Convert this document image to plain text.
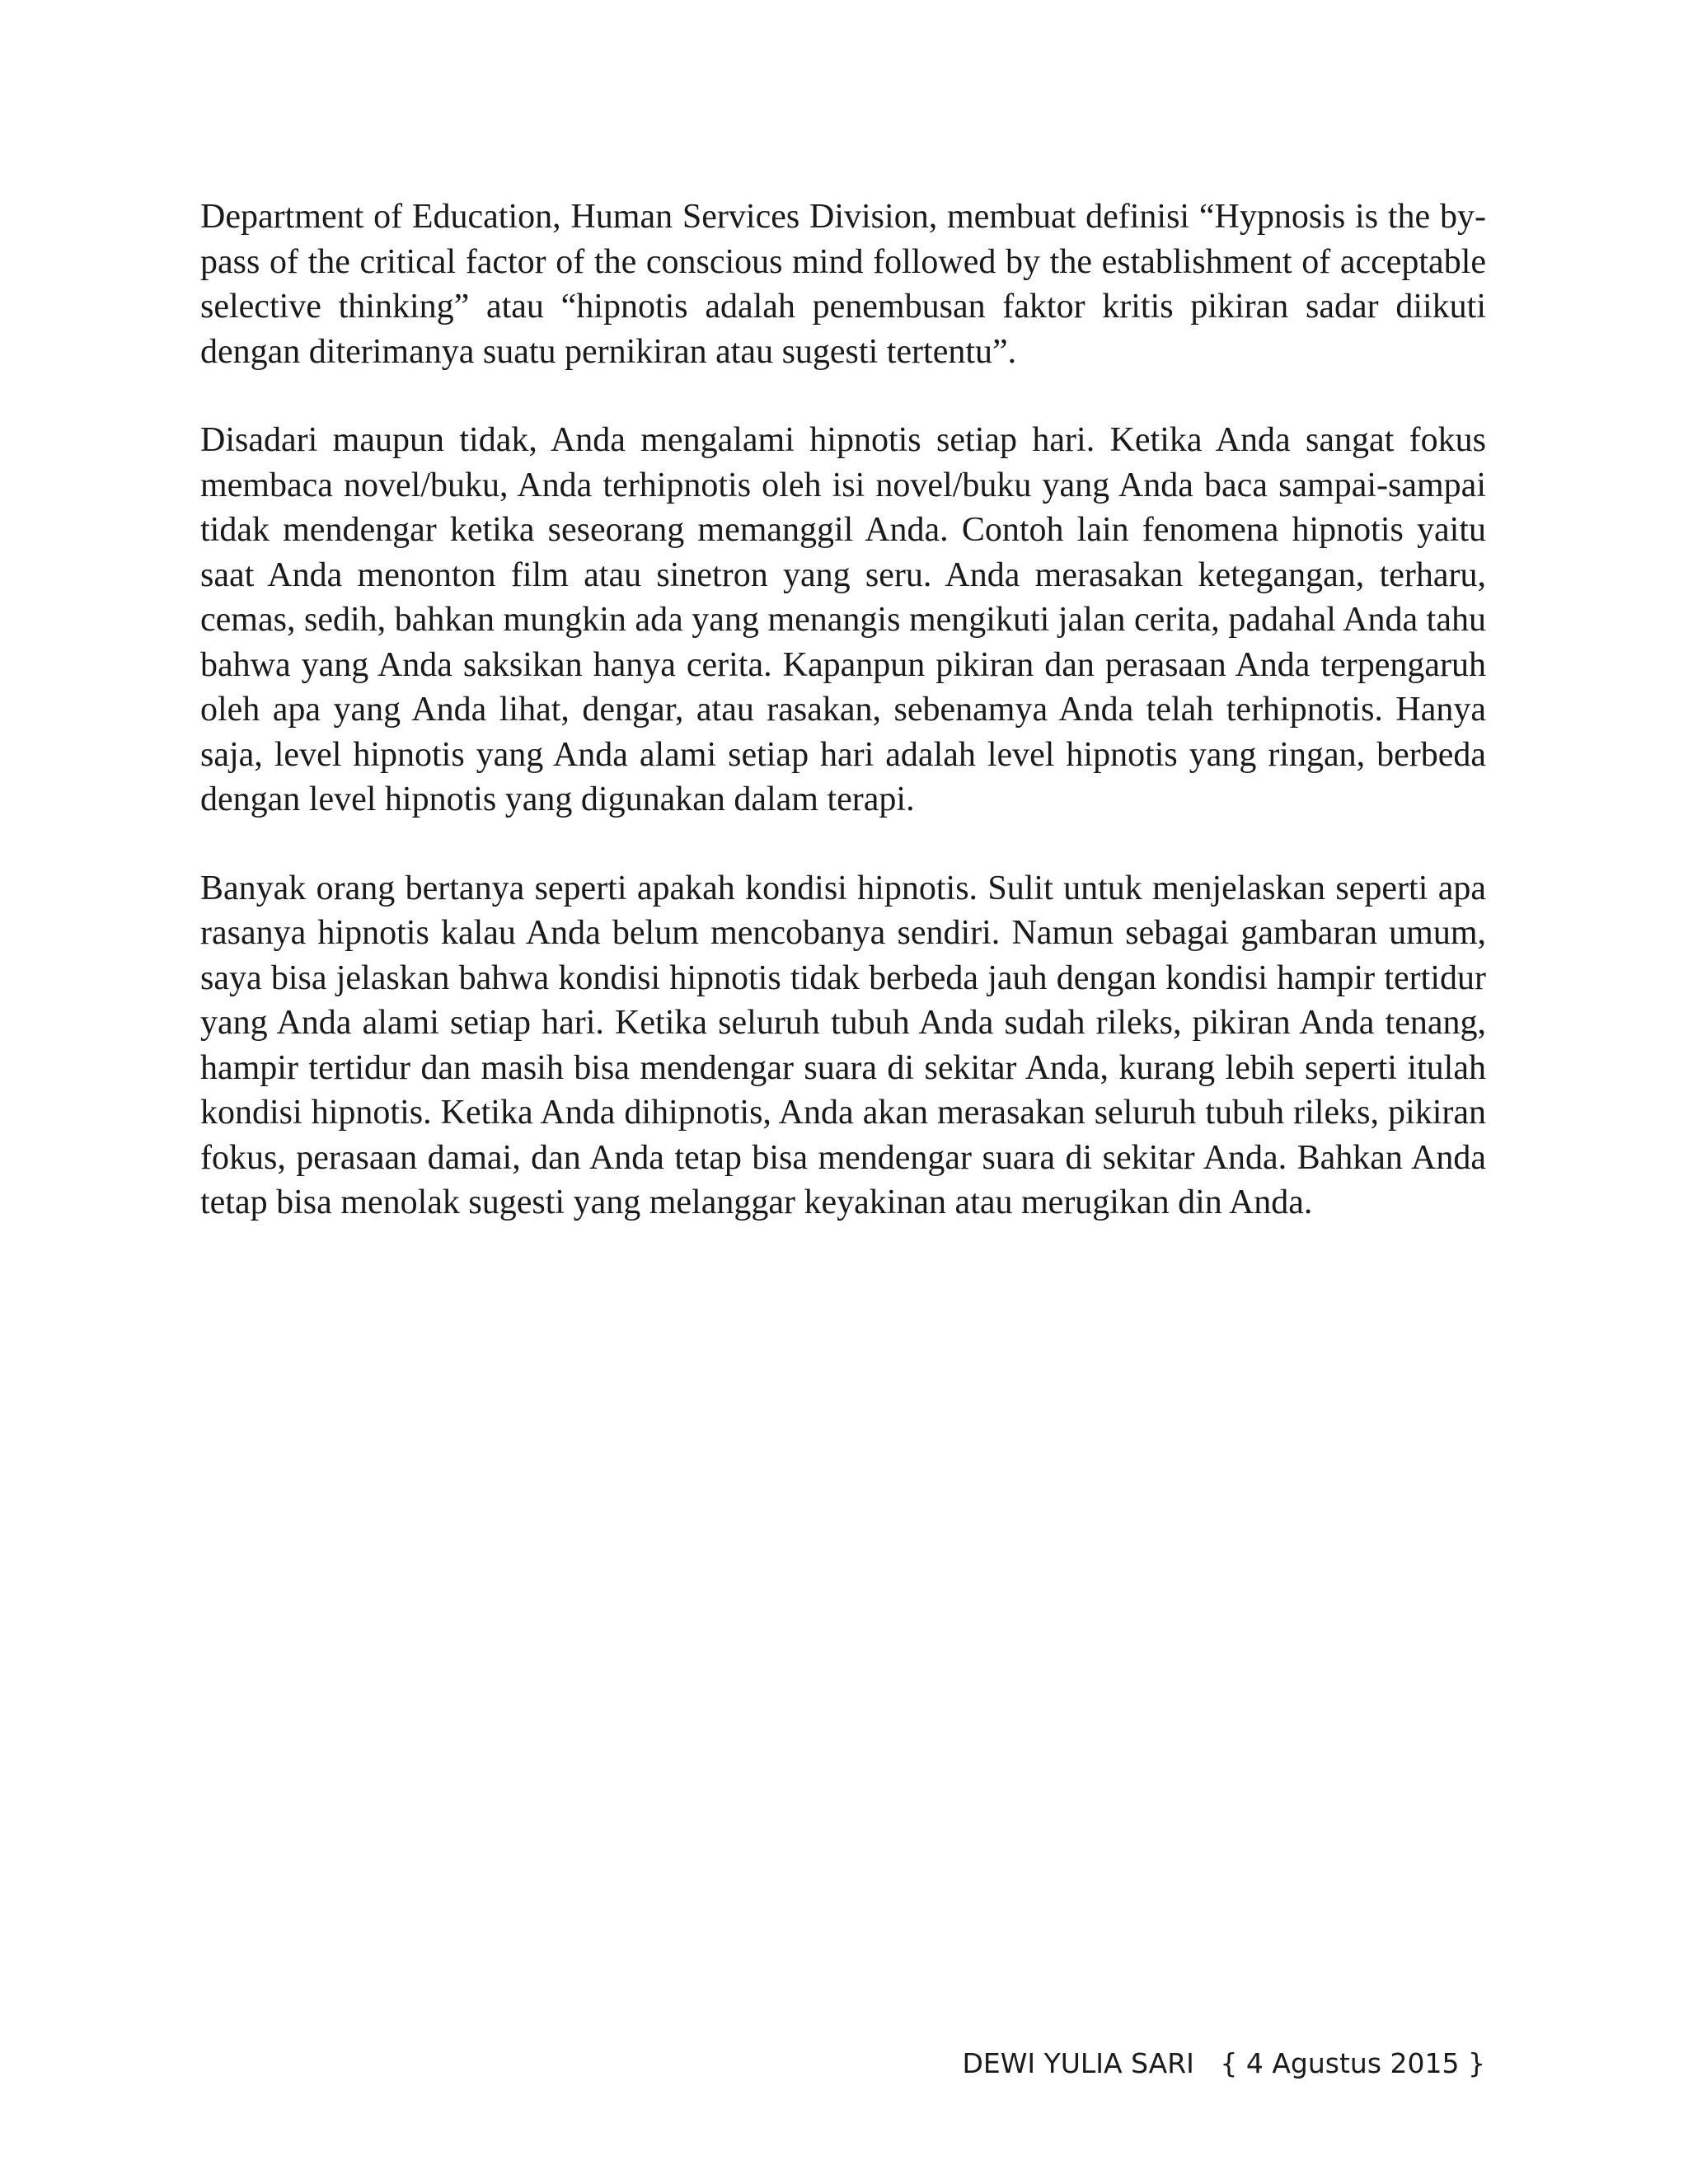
Department of Education, Human Services Division, membuat definisi “Hypnosis is the by-pass of the critical factor of the conscious mind followed by the establishment of acceptable selective thinking” atau “hipnotis adalah penembusan faktor kritis pikiran sadar diikuti dengan diterimanya suatu pernikiran atau sugesti tertentu”.

Disadari maupun tidak, Anda mengalami hipnotis setiap hari. Ketika Anda sangat fokus membaca novel/buku, Anda terhipnotis oleh isi novel/buku yang Anda baca sampai-sampai tidak mendengar ketika seseorang memanggil Anda. Contoh lain fenomena hipnotis yaitu saat Anda menonton film atau sinetron yang seru. Anda merasakan ketegangan, terharu, cemas, sedih, bahkan mungkin ada yang menangis mengikuti jalan cerita, padahal Anda tahu bahwa yang Anda saksikan hanya cerita. Kapanpun pikiran dan perasaan Anda terpengaruh oleh apa yang Anda lihat, dengar, atau rasakan, sebenamya Anda telah terhipnotis. Hanya saja, level hipnotis yang Anda alami setiap hari adalah level hipnotis yang ringan, berbeda dengan level hipnotis yang digunakan dalam terapi.

Banyak orang bertanya seperti apakah kondisi hipnotis. Sulit untuk menjelaskan seperti apa rasanya hipnotis kalau Anda belum mencobanya sendiri. Namun sebagai gambaran umum, saya bisa jelaskan bahwa kondisi hipnotis tidak berbeda jauh dengan kondisi hampir tertidur yang Anda alami setiap hari. Ketika seluruh tubuh Anda sudah rileks, pikiran Anda tenang, hampir tertidur dan masih bisa mendengar suara di sekitar Anda, kurang lebih seperti itulah kondisi hipnotis. Ketika Anda dihipnotis, Anda akan merasakan seluruh tubuh rileks, pikiran fokus, perasaan damai, dan Anda tetap bisa mendengar suara di sekitar Anda. Bahkan Anda tetap bisa menolak sugesti yang melanggar keyakinan atau merugikan din Anda.

DEWI YULIA SARI { 4 Agustus 2015 }
